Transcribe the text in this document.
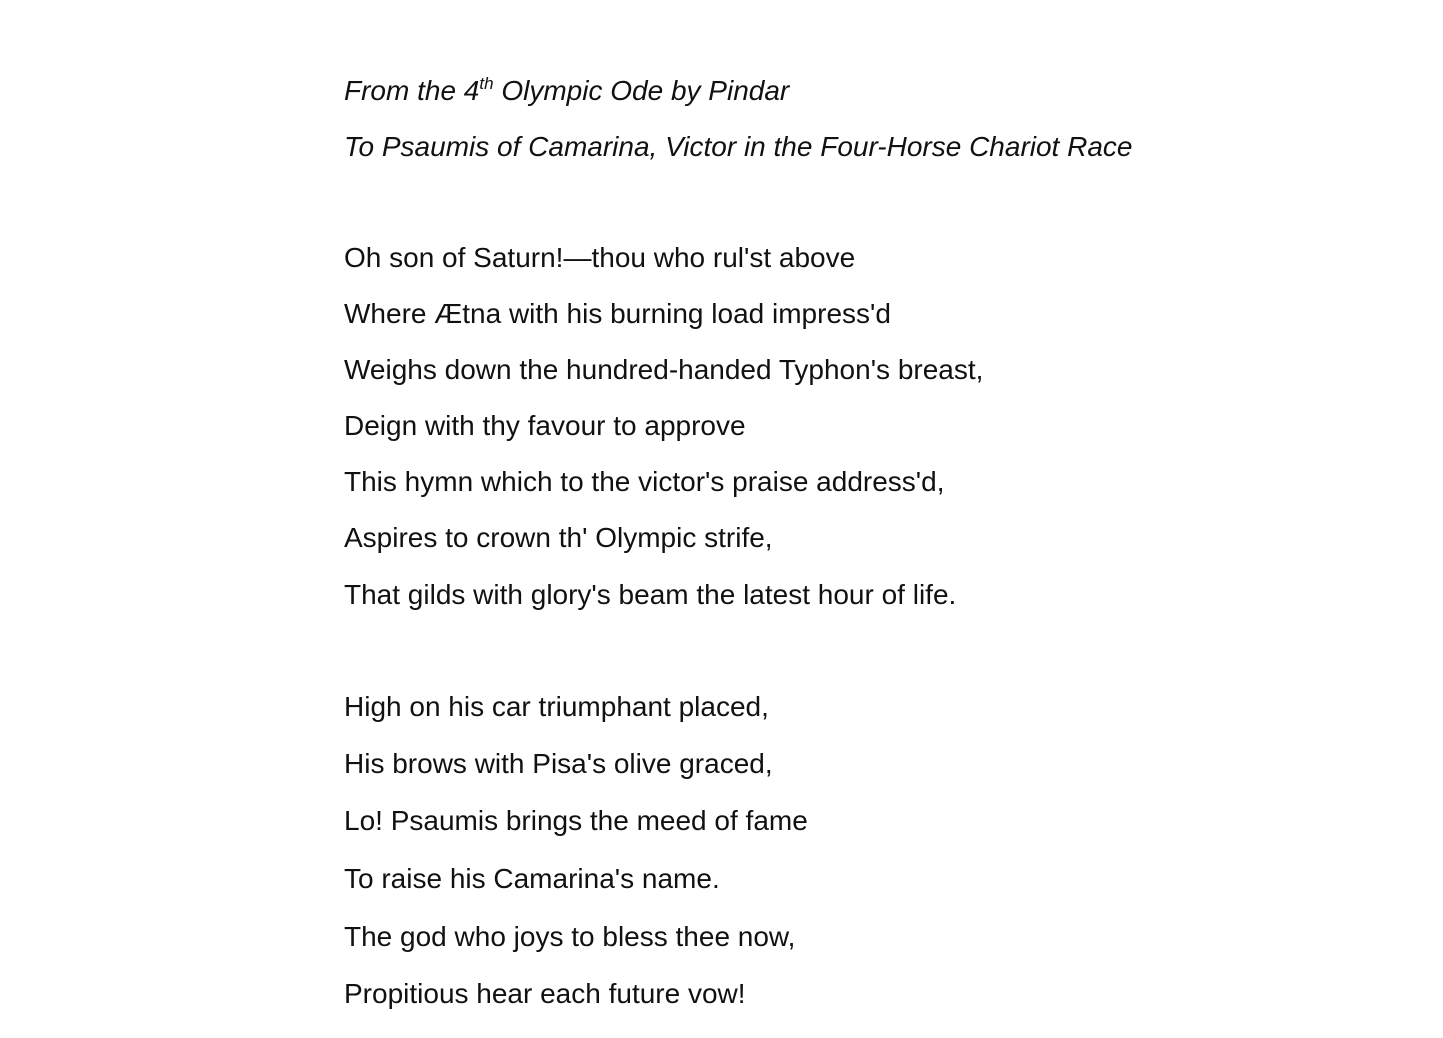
From the 4th Olympic Ode by Pindar
To Psaumis of Camarina, Victor in the Four-Horse Chariot Race
Oh son of Saturn!—thou who rul'st above
Where Ætna with his burning load impress'd
Weighs down the hundred-handed Typhon's breast,
Deign with thy favour to approve
This hymn which to the victor's praise address'd,
Aspires to crown th' Olympic strife,
That gilds with glory's beam the latest hour of life.
High on his car triumphant placed,
His brows with Pisa's olive graced,
Lo! Psaumis brings the meed of fame
To raise his Camarina's name.
The god who joys to bless thee now,
Propitious hear each future vow!
